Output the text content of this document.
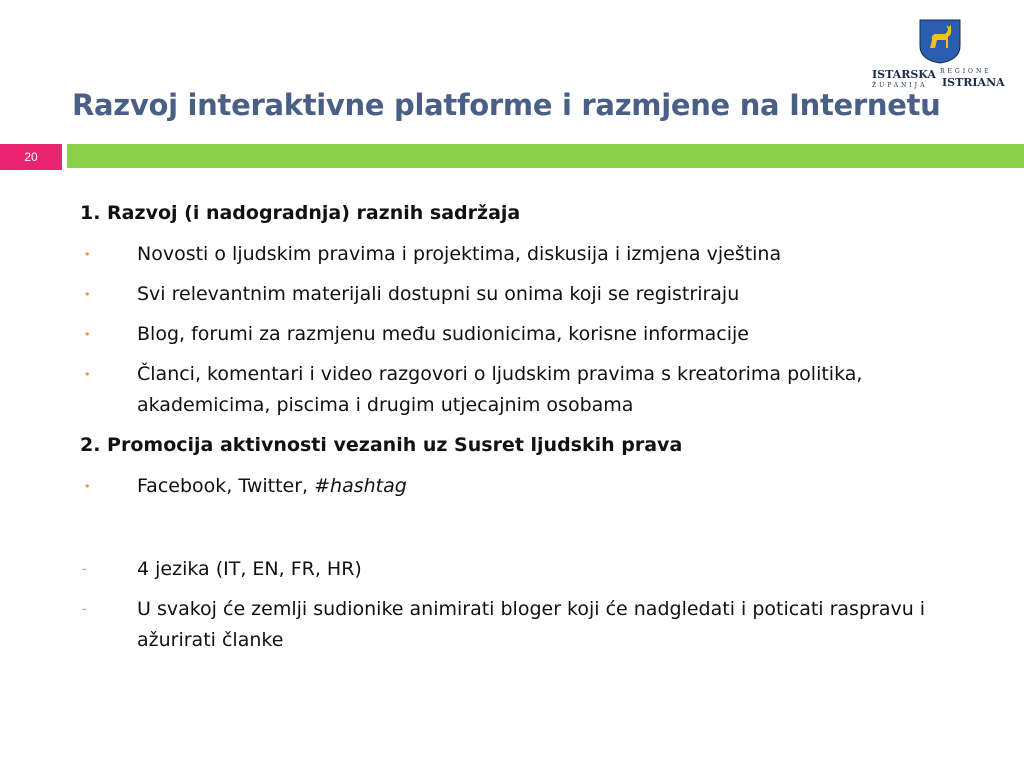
ISTARSKA
ŽUPANIJA
REGIONE
ISTRIANA
Razvoj interaktivne platforme i razmjene na Internetu
20
1. Razvoj (i nadogradnja) raznih sadržaja
• Novosti o ljudskim pravima i projektima, diskusija i izmjena vještina
• Svi relevantnim materijali dostupni su onima koji se registriraju
• Blog, forumi za razmjenu među sudionicima, korisne informacije
• Članci, komentari i video razgovori o ljudskim pravima s kreatorima politika, akademicima, piscima i drugim utjecajnim osobama
2. Promocija aktivnosti vezanih uz Susret ljudskih prava
• Facebook, Twitter, #hashtag
-	4 jezika (IT, EN, FR, HR)
-	U svakoj će zemlji sudionike animirati bloger koji će nadgledati i poticati raspravu i ažurirati članke
